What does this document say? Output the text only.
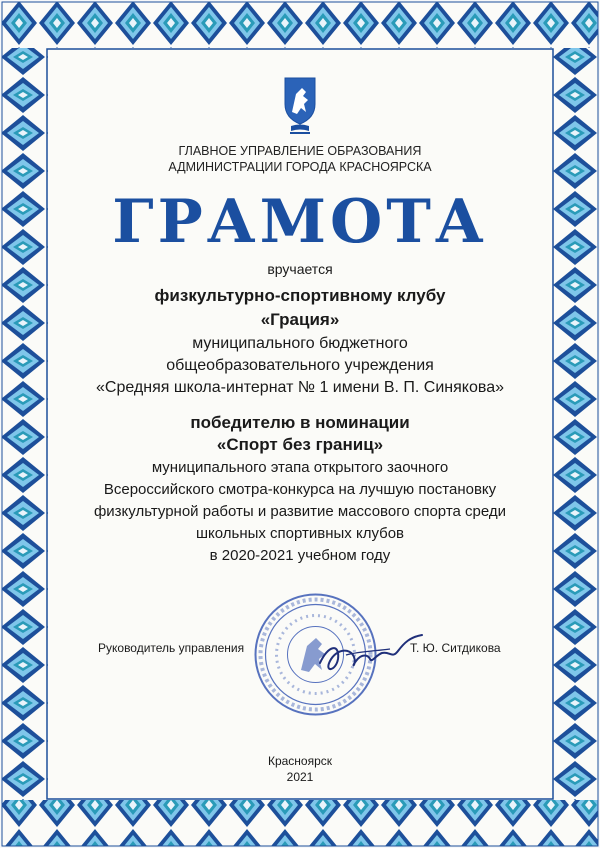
ГЛАВНОЕ УПРАВЛЕНИЕ ОБРАЗОВАНИЯ
АДМИНИСТРАЦИИ ГОРОДА КРАСНОЯРСКА
ГРАМОТА
вручается
физкультурно-спортивному клубу
«Грация»
муниципального бюджетного
общеобразовательного учреждения
«Средняя школа-интернат № 1 имени В. П. Синякова»
победителю в номинации
«Спорт без границ»
муниципального этапа открытого заочного
Всероссийского смотра-конкурса на лучшую постановку
физкультурной работы и развитие массового спорта среди
школьных спортивных клубов
в 2020-2021 учебном году
Руководитель управления	Т. Ю. Ситдикова
Красноярск
2021
